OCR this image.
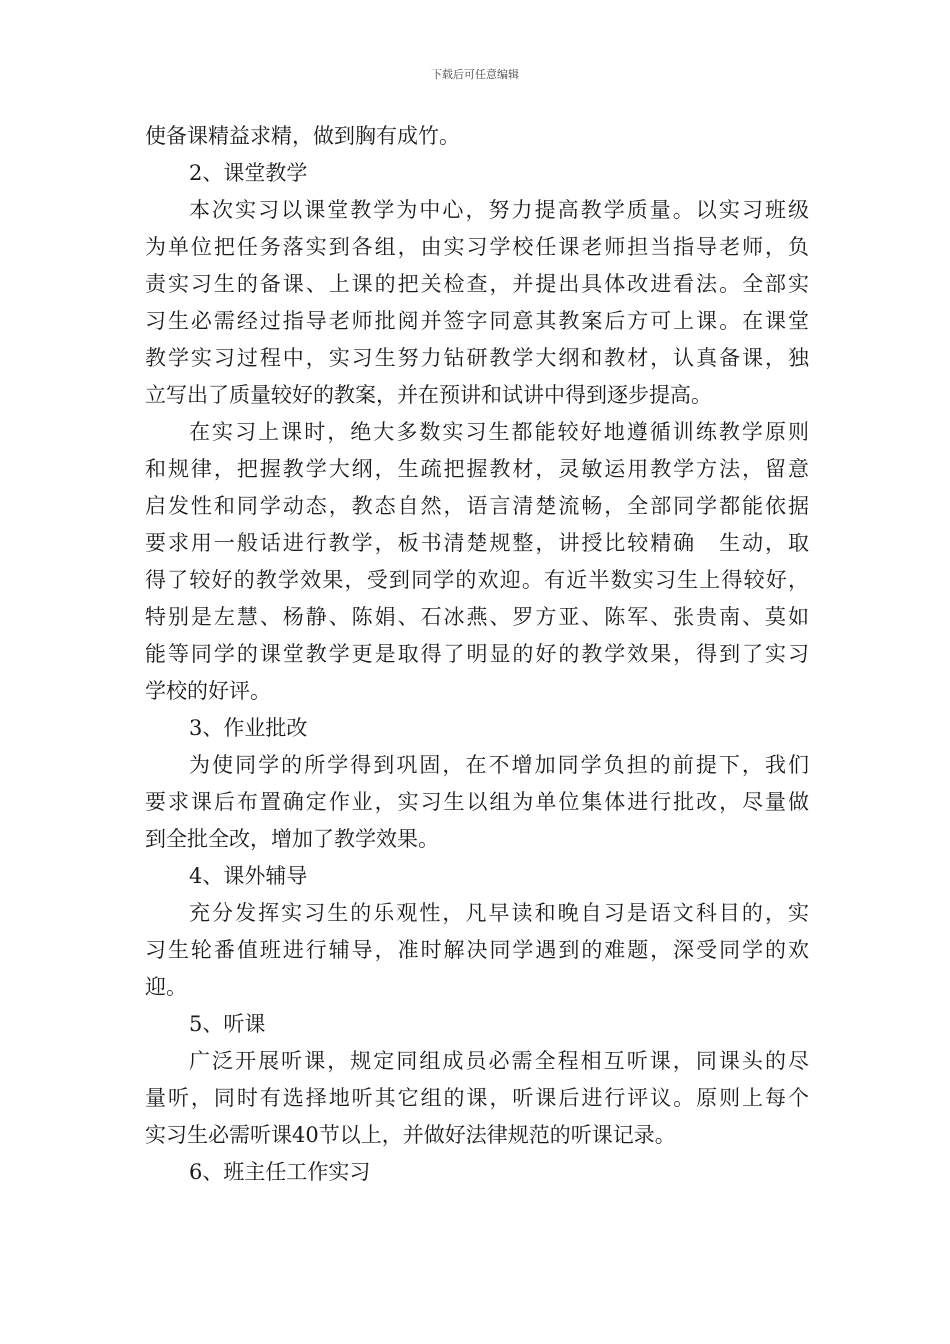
下载后可任意编辑
使备课精益求精，做到胸有成竹。
2、课堂教学
本次实习以课堂教学为中心，努力提高教学质量。以实习班级
为单位把任务落实到各组，由实习学校任课老师担当指导老师，负
责实习生的备课、上课的把关检查，并提出具体改进看法。全部实
习生必需经过指导老师批阅并签字同意其教案后方可上课。在课堂
教学实习过程中，实习生努力钻研教学大纲和教材，认真备课，独
立写出了质量较好的教案，并在预讲和试讲中得到逐步提高。
在实习上课时，绝大多数实习生都能较好地遵循训练教学原则
和规律，把握教学大纲，生疏把握教材，灵敏运用教学方法，留意
启发性和同学动态，教态自然，语言清楚流畅，全部同学都能依据
要求用一般话进行教学，板书清楚规整，讲授比较精确　生动，取
得了较好的教学效果，受到同学的欢迎。有近半数实习生上得较好，
特别是左慧、杨静、陈娟、石冰燕、罗方亚、陈军、张贵南、莫如
能等同学的课堂教学更是取得了明显的好的教学效果，得到了实习
学校的好评。
3、作业批改
为使同学的所学得到巩固，在不增加同学负担的前提下，我们
要求课后布置确定作业，实习生以组为单位集体进行批改，尽量做
到全批全改，增加了教学效果。
4、课外辅导
充分发挥实习生的乐观性，凡早读和晚自习是语文科目的，实
习生轮番值班进行辅导，准时解决同学遇到的难题，深受同学的欢
迎。
5、听课
广泛开展听课，规定同组成员必需全程相互听课，同课头的尽
量听，同时有选择地听其它组的课，听课后进行评议。原则上每个
实习生必需听课40节以上，并做好法律规范的听课记录。
6、班主任工作实习
